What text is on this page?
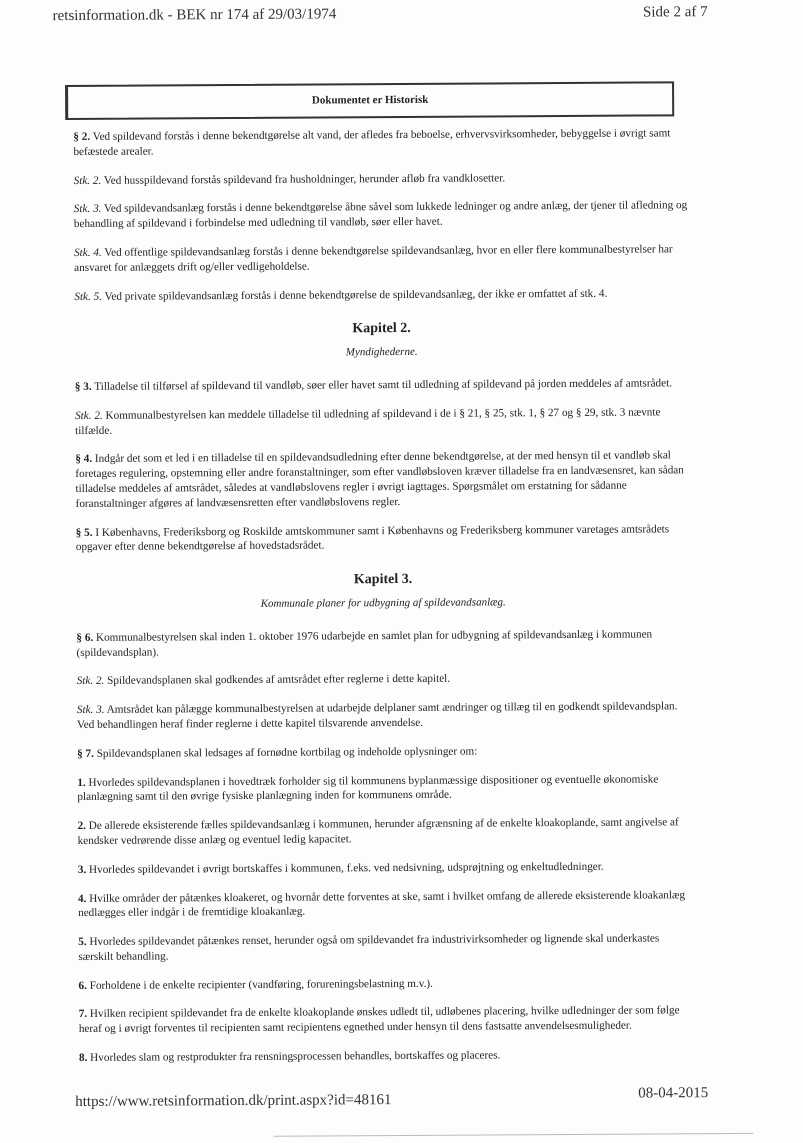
retsinformation.dk - BEK nr 174 af 29/03/1974	Side 2 af 7
Dokumentet er Historisk

§ 2. Ved spildevand forstås i denne bekendtgørelse alt vand, der afledes fra beboelse, erhvervsvirksomheder, bebyggelse i øvrigt samt befæstede arealer.

Stk. 2. Ved husspildevand forstås spildevand fra husholdninger, herunder afløb fra vandklosetter.

Stk. 3. Ved spildevandsanlæg forstås i denne bekendtgørelse åbne såvel som lukkede ledninger og andre anlæg, der tjener til afledning og behandling af spildevand i forbindelse med udledning til vandløb, søer eller havet.

Stk. 4. Ved offentlige spildevandsanlæg forstås i denne bekendtgørelse spildevandsanlæg, hvor en eller flere kommunalbestyrelser har ansvaret for anlæggets drift og/eller vedligeholdelse.

Stk. 5. Ved private spildevandsanlæg forstås i denne bekendtgørelse de spildevandsanlæg, der ikke er omfattet af stk. 4.

Kapitel 2.
Myndighederne.

§ 3. Tilladelse til tilførsel af spildevand til vandløb, søer eller havet samt til udledning af spildevand på jorden meddeles af amtsrådet.

Stk. 2. Kommunalbestyrelsen kan meddele tilladelse til udledning af spildevand i de i § 21, § 25, stk. 1, § 27 og § 29, stk. 3 nævnte tilfælde.

§ 4. Indgår det som et led i en tilladelse til en spildevandsudledning efter denne bekendtgørelse, at der med hensyn til et vandløb skal foretages regulering, opstemning eller andre foranstaltninger, som efter vandløbsloven kræver tilladelse fra en landvæsensret, kan sådan tilladelse meddeles af amtsrådet, således at vandløbslovens regler i øvrigt iagttages. Spørgsmålet om erstatning for sådanne foranstaltninger afgøres af landvæsensretten efter vandløbslovens regler.

§ 5. I Københavns, Frederiksborg og Roskilde amtskommuner samt i Københavns og Frederiksberg kommuner varetages amtsrådets opgaver efter denne bekendtgørelse af hovedstadsrådet.

Kapitel 3.
Kommunale planer for udbygning af spildevandsanlæg.

§ 6. Kommunalbestyrelsen skal inden 1. oktober 1976 udarbejde en samlet plan for udbygning af spildevandsanlæg i kommunen (spildevandsplan).

Stk. 2. Spildevandsplanen skal godkendes af amtsrådet efter reglerne i dette kapitel.

Stk. 3. Amtsrådet kan pålægge kommunalbestyrelsen at udarbejde delplaner samt ændringer og tillæg til en godkendt spildevandsplan. Ved behandlingen heraf finder reglerne i dette kapitel tilsvarende anvendelse.

§ 7. Spildevandsplanen skal ledsages af fornødne kortbilag og indeholde oplysninger om:

1. Hvorledes spildevandsplanen i hovedtræk forholder sig til kommunens byplanmæssige dispositioner og eventuelle økonomiske planlægning samt til den øvrige fysiske planlægning inden for kommunens område.

2. De allerede eksisterende fælles spildevandsanlæg i kommunen, herunder afgrænsning af de enkelte kloakoplande, samt angivelse af kendsker vedrørende disse anlæg og eventuel ledig kapacitet.

3. Hvorledes spildevandet i øvrigt bortskaffes i kommunen, f.eks. ved nedsivning, udsprøjtning og enkeltudledninger.

4. Hvilke områder der påtænkes kloakeret, og hvornår dette forventes at ske, samt i hvilket omfang de allerede eksisterende kloakanlæg nedlægges eller indgår i de fremtidige kloakanlæg.

5. Hvorledes spildevandet påtænkes renset, herunder også om spildevandet fra industrivirksomheder og lignende skal underkastes særskilt behandling.

6. Forholdene i de enkelte recipienter (vandføring, forureningsbelastning m.v.).

7. Hvilken recipient spildevandet fra de enkelte kloakoplande ønskes udledt til, udløbenes placering, hvilke udledninger der som følge heraf og i øvrigt forventes til recipienten samt recipientens egnethed under hensyn til dens fastsatte anvendelsesmuligheder.

8. Hvorledes slam og restprodukter fra rensningsprocessen behandles, bortskaffes og placeres.

https://www.retsinformation.dk/print.aspx?id=48161	08-04-2015
